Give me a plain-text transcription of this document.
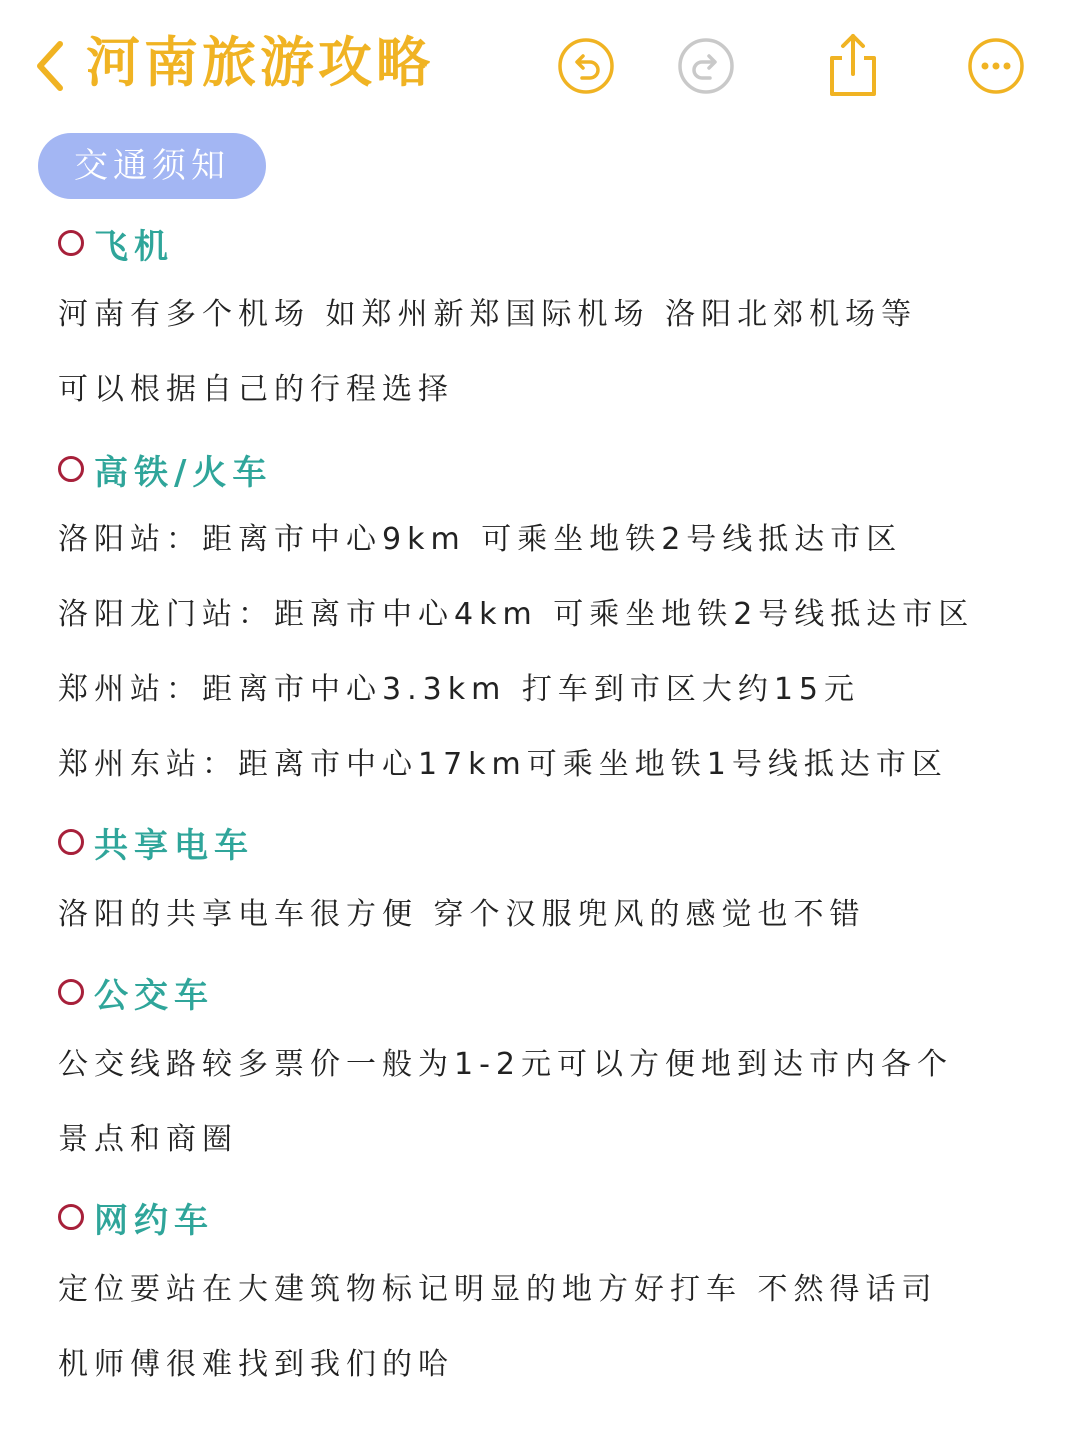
河南旅游攻略
交通须知
飞机
河南有多个机场 如郑州新郑国际机场 洛阳北郊机场等
可以根据自己的行程选择
高铁/火车
洛阳站：距离市中心9km 可乘坐地铁2号线抵达市区
洛阳龙门站：距离市中心4km 可乘坐地铁2号线抵达市区
郑州站：距离市中心3.3km 打车到市区大约15元
郑州东站：距离市中心17km可乘坐地铁1号线抵达市区
共享电车
洛阳的共享电车很方便 穿个汉服兜风的感觉也不错
公交车
公交线路较多票价一般为1-2元可以方便地到达市内各个
景点和商圈
网约车
定位要站在大建筑物标记明显的地方好打车 不然得话司
机师傅很难找到我们的哈
